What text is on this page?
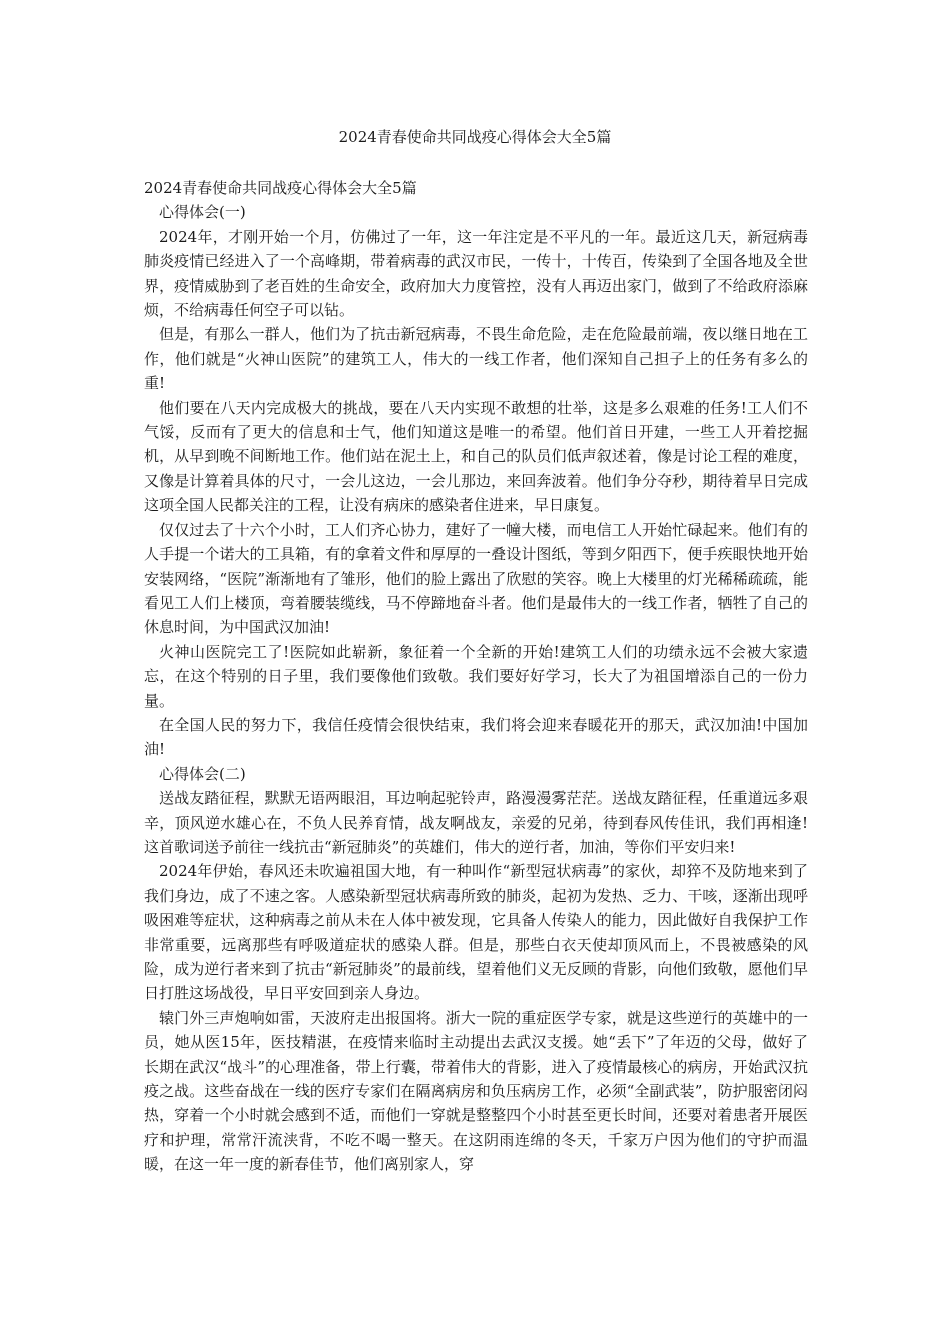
2024青春使命共同战疫心得体会大全5篇

2024青春使命共同战疫心得体会大全5篇

心得体会(一)

2024年，才刚开始一个月，仿佛过了一年，这一年注定是不平凡的一年。最近这几天，新冠病毒肺炎疫情已经进入了一个高峰期，带着病毒的武汉市民，一传十，十传百，传染到了全国各地及全世界，疫情威胁到了老百姓的生命安全，政府加大力度管控，没有人再迈出家门，做到了不给政府添麻烦，不给病毒任何空子可以钻。

但是，有那么一群人，他们为了抗击新冠病毒，不畏生命危险，走在危险最前端，夜以继日地在工作，他们就是“火神山医院”的建筑工人，伟大的一线工作者，他们深知自己担子上的任务有多么的重!

他们要在八天内完成极大的挑战，要在八天内实现不敢想的壮举，这是多么艰难的任务!工人们不气馁，反而有了更大的信息和士气，他们知道这是唯一的希望。他们首日开建，一些工人开着挖掘机，从早到晚不间断地工作。他们站在泥土上，和自己的队员们低声叙述着，像是讨论工程的难度，又像是计算着具体的尺寸，一会儿这边，一会儿那边，来回奔波着。他们争分夺秒，期待着早日完成这项全国人民都关注的工程，让没有病床的感染者住进来，早日康复。

仅仅过去了十六个小时，工人们齐心协力，建好了一幢大楼，而电信工人开始忙碌起来。他们有的人手提一个诺大的工具箱，有的拿着文件和厚厚的一叠设计图纸，等到夕阳西下，便手疾眼快地开始安装网络，“医院”渐渐地有了雏形，他们的脸上露出了欣慰的笑容。晚上大楼里的灯光稀稀疏疏，能看见工人们上楼顶，弯着腰装缆线，马不停蹄地奋斗者。他们是最伟大的一线工作者，牺牲了自己的休息时间，为中国武汉加油!

火神山医院完工了!医院如此崭新，象征着一个全新的开始!建筑工人们的功绩永远不会被大家遗忘，在这个特别的日子里，我们要像他们致敬。我们要好好学习，长大了为祖国增添自己的一份力量。

在全国人民的努力下，我信任疫情会很快结束，我们将会迎来春暖花开的那天，武汉加油!中国加油!

心得体会(二)

送战友踏征程，默默无语两眼泪，耳边响起驼铃声，路漫漫雾茫茫。送战友踏征程，任重道远多艰辛，顶风逆水雄心在，不负人民养育情，战友啊战友，亲爱的兄弟，待到春风传佳讯，我们再相逢!这首歌词送予前往一线抗击“新冠肺炎”的英雄们，伟大的逆行者，加油，等你们平安归来!

2024年伊始，春风还未吹遍祖国大地，有一种叫作“新型冠状病毒”的家伙，却猝不及防地来到了我们身边，成了不速之客。人感染新型冠状病毒所致的肺炎，起初为发热、乏力、干咳，逐渐出现呼吸困难等症状，这种病毒之前从未在人体中被发现，它具备人传染人的能力，因此做好自我保护工作非常重要，远离那些有呼吸道症状的感染人群。但是，那些白衣天使却顶风而上，不畏被感染的风险，成为逆行者来到了抗击“新冠肺炎”的最前线，望着他们义无反顾的背影，向他们致敬，愿他们早日打胜这场战役，早日平安回到亲人身边。

辕门外三声炮响如雷，天波府走出报国将。浙大一院的重症医学专家，就是这些逆行的英雄中的一员，她从医15年，医技精湛，在疫情来临时主动提出去武汉支援。她“丢下”了年迈的父母，做好了长期在武汉“战斗”的心理准备，带上行囊，带着伟大的背影，进入了疫情最核心的病房，开始武汉抗疫之战。这些奋战在一线的医疗专家们在隔离病房和负压病房工作，必须“全副武装”，防护服密闭闷热，穿着一个小时就会感到不适，而他们一穿就是整整四个小时甚至更长时间，还要对着患者开展医疗和护理，常常汗流浃背，不吃不喝一整天。在这阴雨连绵的冬天，千家万户因为他们的守护而温暖，在这一年一度的新春佳节，他们离别家人，穿
